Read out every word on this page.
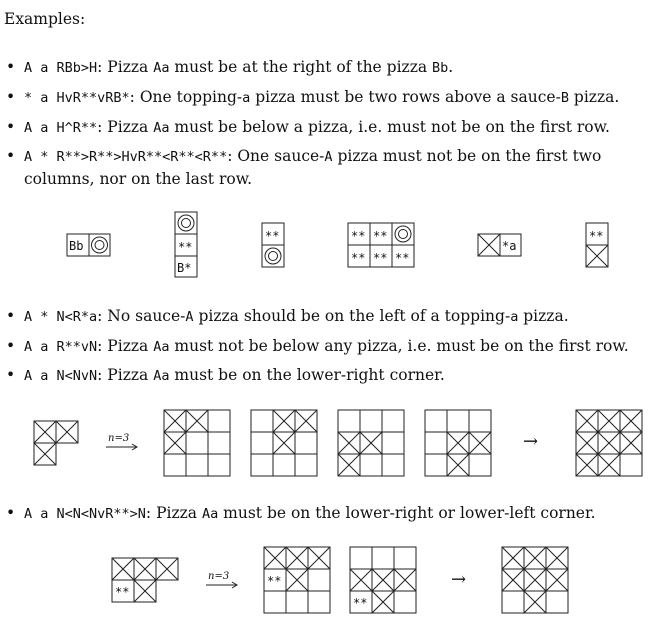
Examples:
• A a RBb>H: Pizza Aa must be at the right of the pizza Bb.
• * a HvR**vRB*: One topping-a pizza must be two rows above a sauce-B pizza.
• A a H^R**: Pizza Aa must be below a pizza, i.e. must not be on the first row.
• A * R**>R**>HvR**<R**<R**: One sauce-A pizza must not be on the first two
columns, nor on the last row.
Bb	**
B*
**	** **
** ** **
*a
**
• A * N<R*a: No sauce-A pizza should be on the left of a topping-a pizza.
• A a R**vN: Pizza Aa must not be below any pizza, i.e. must be on the first row.
• A a N<NvN: Pizza Aa must be on the lower-right corner.
n=3	→
• A a N<N<NvR**>N: Pizza Aa must be on the lower-right or lower-left corner.
n=3	→
**
**
**
